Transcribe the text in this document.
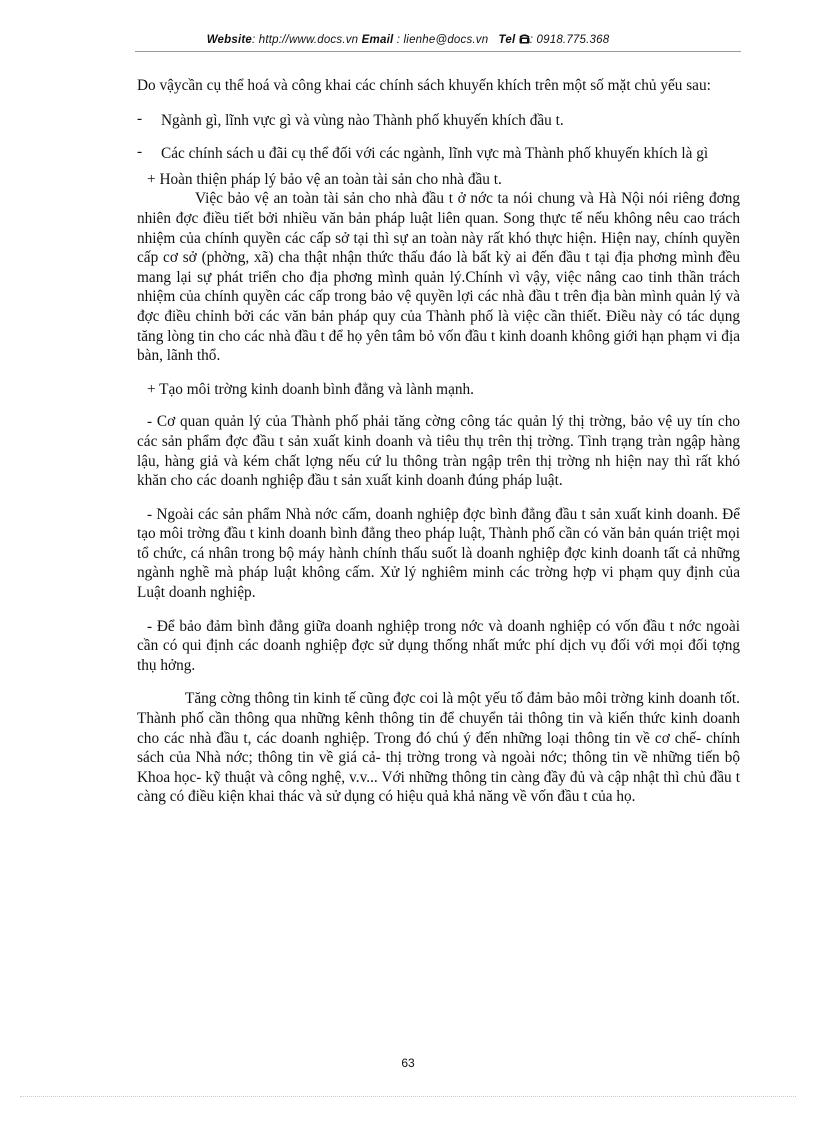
Website: http://www.docs.vn Email : lienhe@docs.vn Tel : 0918.775.368

Do vậycần cụ thể hoá và công khai các chính sách khuyến khích trên một số mặt chủ yếu sau:

- Ngành gì, lĩnh vực gì và vùng nào Thành phố khuyến khích đầu t.

- Các chính sách u đãi cụ thể đối với các ngành, lĩnh vực mà Thành phố khuyến khích là gì

+ Hoàn thiện pháp lý bảo vệ an toàn tài sản cho nhà đầu t.

Việc bảo vệ an toàn tài sản cho nhà đầu t ở nớc ta nói chung và Hà Nội nói riêng đơng nhiên đợc điều tiết bởi nhiều văn bản pháp luật liên quan. Song thực tế nếu không nêu cao trách nhiệm của chính quyền các cấp sở tại thì sự an toàn này rất khó thực hiện. Hiện nay, chính quyền cấp cơ sở (phờng, xã) cha thật nhận thức thấu đáo là bất kỳ ai đến đầu t tại địa phơng mình đều mang lại sự phát triển cho địa phơng mình quản lý.Chính vì vậy, việc nâng cao tinh thần trách nhiệm của chính quyền các cấp trong bảo vệ quyền lợi các nhà đầu t trên địa bàn mình quản lý và đợc điều chỉnh bởi các văn bản pháp quy của Thành phố là việc cần thiết. Điều này có tác dụng tăng lòng tin cho các nhà đầu t để họ yên tâm bỏ vốn đầu t kinh doanh không giới hạn phạm vi địa bàn, lãnh thổ.

+ Tạo môi trờng kinh doanh bình đẳng và lành mạnh.

- Cơ quan quản lý của Thành phố phải tăng cờng công tác quản lý thị trờng, bảo vệ uy tín cho các sản phẩm đợc đầu t sản xuất kinh doanh và tiêu thụ trên thị trờng. Tình trạng tràn ngập hàng lậu, hàng giả và kém chất lợng nếu cứ lu thông tràn ngập trên thị trờng nh hiện nay thì rất khó khăn cho các doanh nghiệp đầu t sản xuất kinh doanh đúng pháp luật.

- Ngoài các sản phẩm Nhà nớc cấm, doanh nghiệp đợc bình đẳng đầu t sản xuất kinh doanh. Để tạo môi trờng đầu t kinh doanh bình đẳng theo pháp luật, Thành phố cần có văn bản quán triệt mọi tổ chức, cá nhân trong bộ máy hành chính thấu suốt là doanh nghiệp đợc kinh doanh tất cả những ngành nghề mà pháp luật không cấm. Xử lý nghiêm minh các trờng hợp vi phạm quy định của Luật doanh nghiệp.

- Để bảo đảm bình đẳng giữa doanh nghiệp trong nớc và doanh nghiệp có vốn đầu t nớc ngoài cần có qui định các doanh nghiệp đợc sử dụng thống nhất mức phí dịch vụ đối với mọi đối tợng thụ hởng.

Tăng cờng thông tin kinh tế cũng đợc coi là một yếu tố đảm bảo môi trờng kinh doanh tốt. Thành phố cần thông qua những kênh thông tin để chuyển tải thông tin và kiến thức kinh doanh cho các nhà đầu t, các doanh nghiệp. Trong đó chú ý đến những loại thông tin về cơ chế- chính sách của Nhà nớc; thông tin về giá cả- thị trờng trong và ngoài nớc; thông tin về những tiến bộ Khoa học- kỹ thuật và công nghệ, v.v... Với những thông tin càng đầy đủ và cập nhật thì chủ đầu t càng có điều kiện khai thác và sử dụng có hiệu quả khả năng về vốn đầu t của họ.

63
